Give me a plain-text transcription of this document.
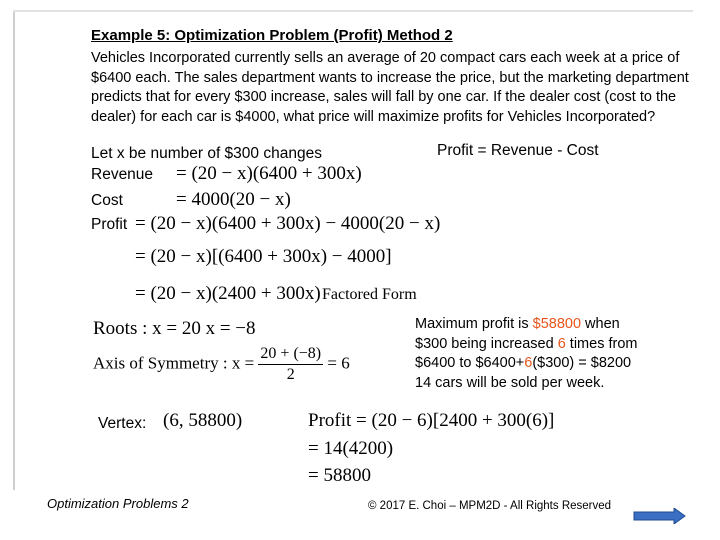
Example 5: Optimization Problem (Profit) Method 2
Vehicles Incorporated currently sells an average of 20 compact cars each week at a price of $6400 each. The sales department wants to increase the price, but the marketing department predicts that for every $300 increase, sales will fall by one car. If the dealer cost (cost to the dealer) for each car is $4000, what price will maximize profits for Vehicles Incorporated?
Let x be number of $300 changes	Profit = Revenue - Cost
Revenue = (20 − x)(6400 + 300x)
Cost	= 4000(20 − x)
Profit = (20 − x)(6400 + 300x) − 4000(20 − x)
= (20 − x)[(6400 + 300x) − 4000]
= (20 − x)(2400 + 300x) Factored Form
Roots : x = 20 x = −8
Axis of Symmetry : $x = \frac{20 + (-8)}{2} = 6$
Maximum profit is $58800 when
$300 being increased 6 times from
$6400 to $6400+6($300) = $8200
14 cars will be sold per week.
Vertex: (6, 58800)	Profit = (20 − 6)[2400 + 300(6)]
= 14(4200)
= 58800
Optimization Problems 2	© 2017 E. Choi – MPM2D - All Rights Reserved
